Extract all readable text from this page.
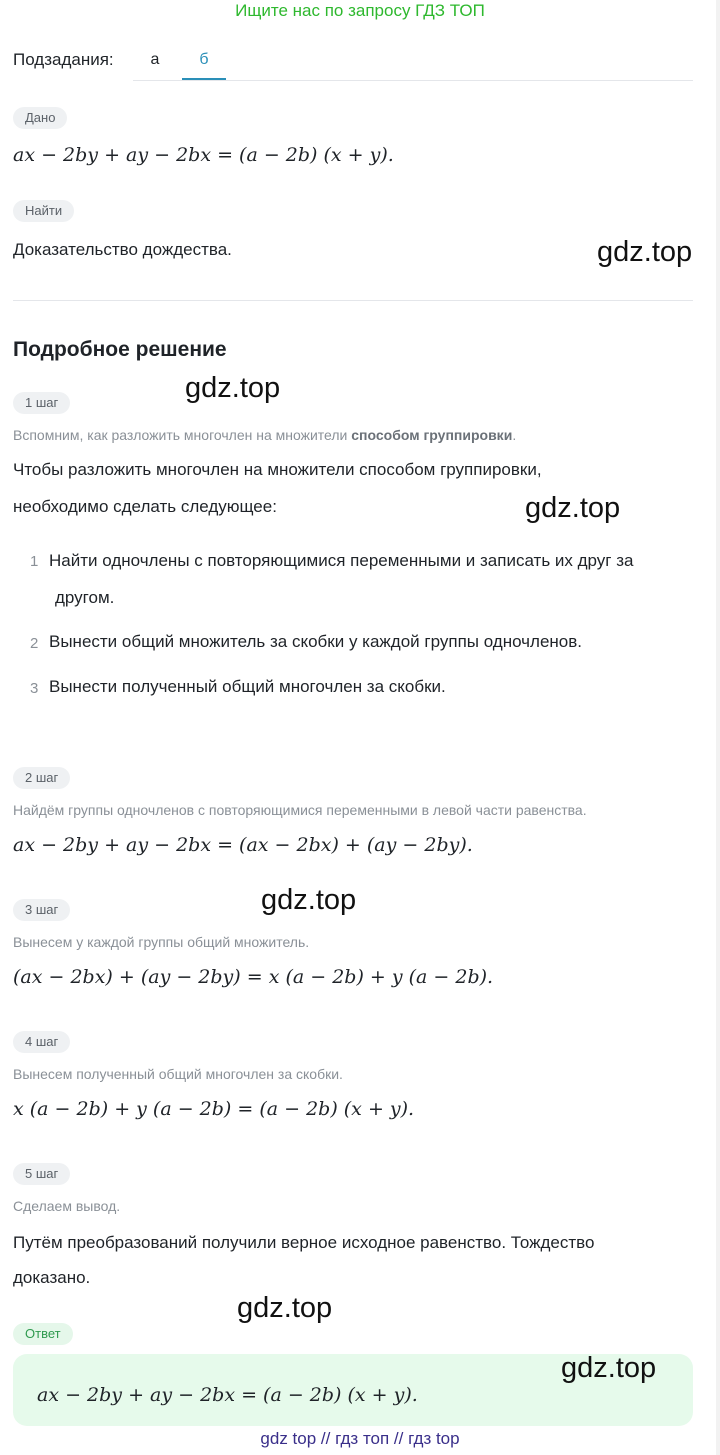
Ищите нас по запросу ГДЗ ТОП
Подзадания:	а	б
Дано
ax − 2by + ay − 2bx = (a − 2b) (x + y).
Найти
Доказательство дождества.
Подробное решение
1 шаг
Вспомним, как разложить многочлен на множители способом группировки.
Чтобы разложить многочлен на множители способом группировки,
необходимо сделать следующее:
1 Найти одночлены с повторяющимися переменными и записать их друг за
другом.
2 Вынести общий множитель за скобки у каждой группы одночленов.
3 Вынести полученный общий многочлен за скобки.
2 шаг
Найдём группы одночленов с повторяющимися переменными в левой части равенства.
ax − 2by + ay − 2bx = (ax − 2bx) + (ay − 2by).
3 шаг
Вынесем у каждой группы общий множитель.
(ax − 2bx) + (ay − 2by) = x (a − 2b) + y (a − 2b).
4 шаг
Вынесем полученный общий многочлен за скобки.
x (a − 2b) + y (a − 2b) = (a − 2b) (x + y).
5 шаг
Сделаем вывод.
Путём преобразований получили верное исходное равенство. Тождество
доказано.
Ответ
ax − 2by + ay − 2bx = (a − 2b) (x + y).
gdz.top
gdz.top
gdz.top
gdz.top
gdz.top
gdz.top
gdz top // гдз топ // гдз top
